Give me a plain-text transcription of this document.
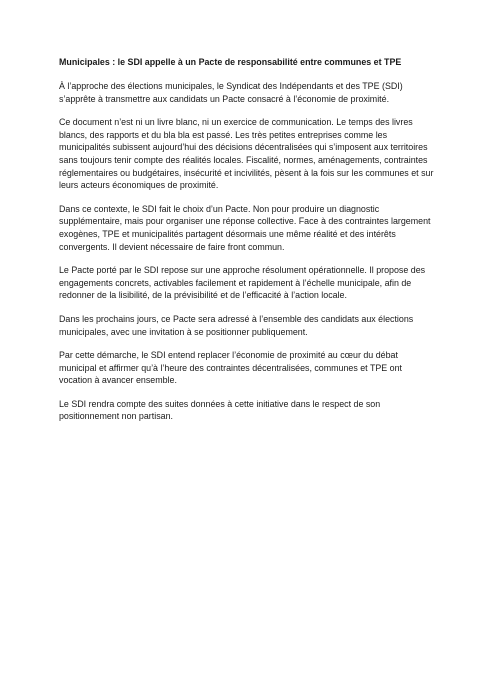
Municipales : le SDI appelle à un Pacte de responsabilité entre communes et TPE

À l’approche des élections municipales, le Syndicat des Indépendants et des TPE (SDI) s’apprête à transmettre aux candidats un Pacte consacré à l’économie de proximité.

Ce document n’est ni un livre blanc, ni un exercice de communication. Le temps des livres blancs, des rapports et du bla bla est passé. Les très petites entreprises comme les municipalités subissent aujourd’hui des décisions décentralisées qui s’imposent aux territoires sans toujours tenir compte des réalités locales. Fiscalité, normes, aménagements, contraintes réglementaires ou budgétaires, insécurité et incivilités, pèsent à la fois sur les communes et sur leurs acteurs économiques de proximité.

Dans ce contexte, le SDI fait le choix d’un Pacte. Non pour produire un diagnostic supplémentaire, mais pour organiser une réponse collective. Face à des contraintes largement exogènes, TPE et municipalités partagent désormais une même réalité et des intérêts convergents. Il devient nécessaire de faire front commun.

Le Pacte porté par le SDI repose sur une approche résolument opérationnelle. Il propose des engagements concrets, activables facilement et rapidement à l’échelle municipale, afin de redonner de la lisibilité, de la prévisibilité et de l’efficacité à l’action locale.

Dans les prochains jours, ce Pacte sera adressé à l’ensemble des candidats aux élections municipales, avec une invitation à se positionner publiquement.

Par cette démarche, le SDI entend replacer l’économie de proximité au cœur du débat municipal et affirmer qu’à l’heure des contraintes décentralisées, communes et TPE ont vocation à avancer ensemble.

Le SDI rendra compte des suites données à cette initiative dans le respect de son positionnement non partisan.
